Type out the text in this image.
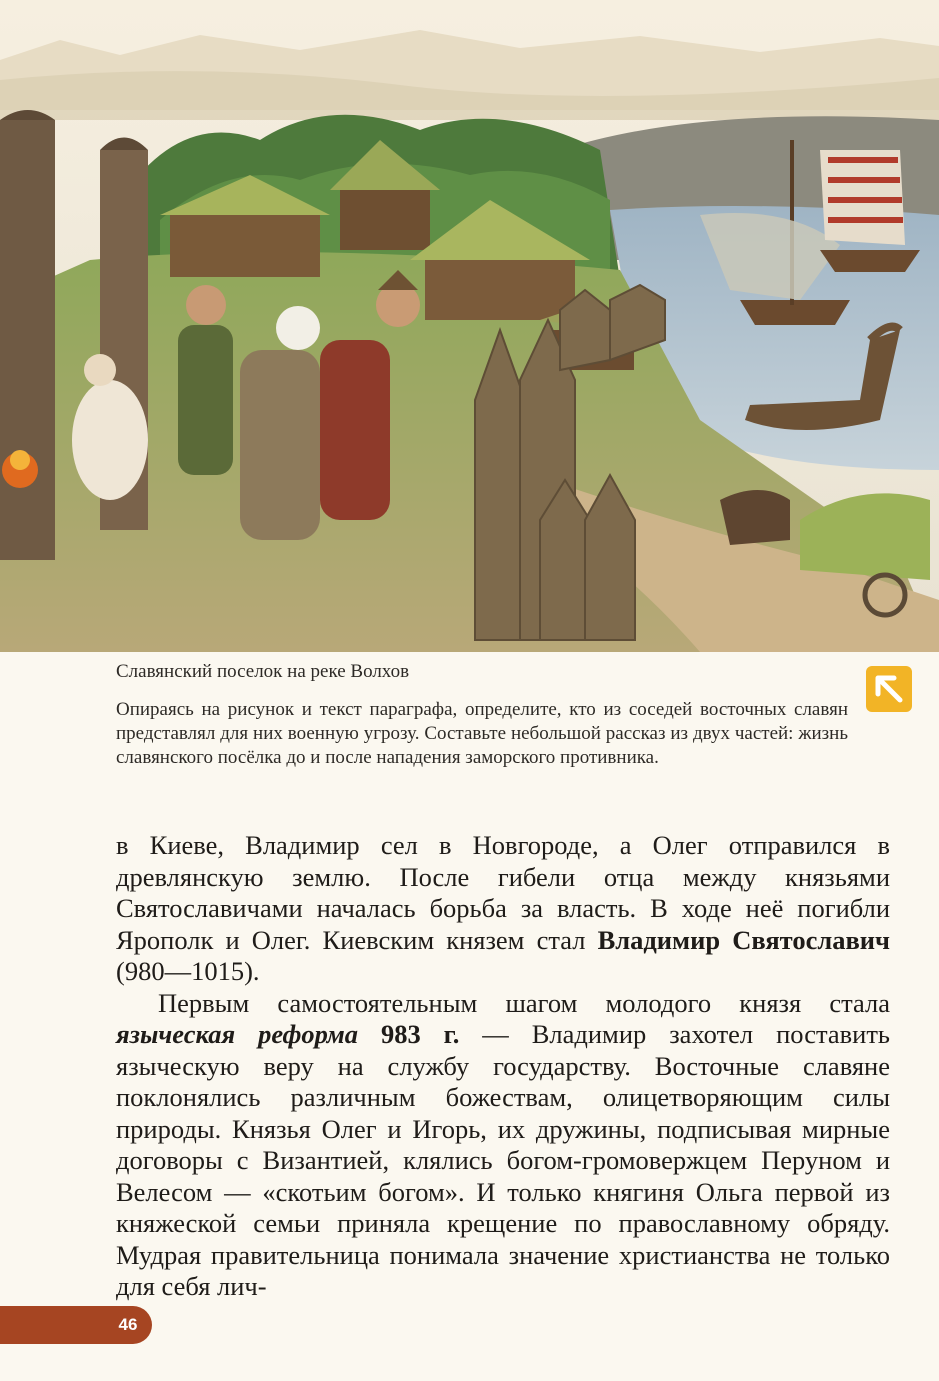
Славянский поселок на реке Волхов

Опираясь на рисунок и текст параграфа, определите, кто из соседей восточных славян представлял для них военную угрозу. Составьте небольшой рассказ из двух частей: жизнь славянского посёлка до и после нападения заморского противника.

в Киеве, Владимир сел в Новгороде, а Олег отправился в древлянскую землю. После гибели отца между князьями Святославичами началась борьба за власть. В ходе неё погибли Ярополк и Олег. Киевским князем стал Владимир Святославич (980—1015).

Первым самостоятельным шагом молодого князя стала языческая реформа 983 г. — Владимир захотел поставить языческую веру на службу государству. Восточные славяне поклонялись различным божествам, олицетворяющим силы природы. Князья Олег и Игорь, их дружины, подписывая мирные договоры с Византией, клялись богом-громовержцем Перуном и Велесом — «скотьим богом». И только княгиня Ольга первой из княжеской семьи приняла крещение по православному обряду. Мудрая правительница понимала значение христианства не только для себя лич-

46
